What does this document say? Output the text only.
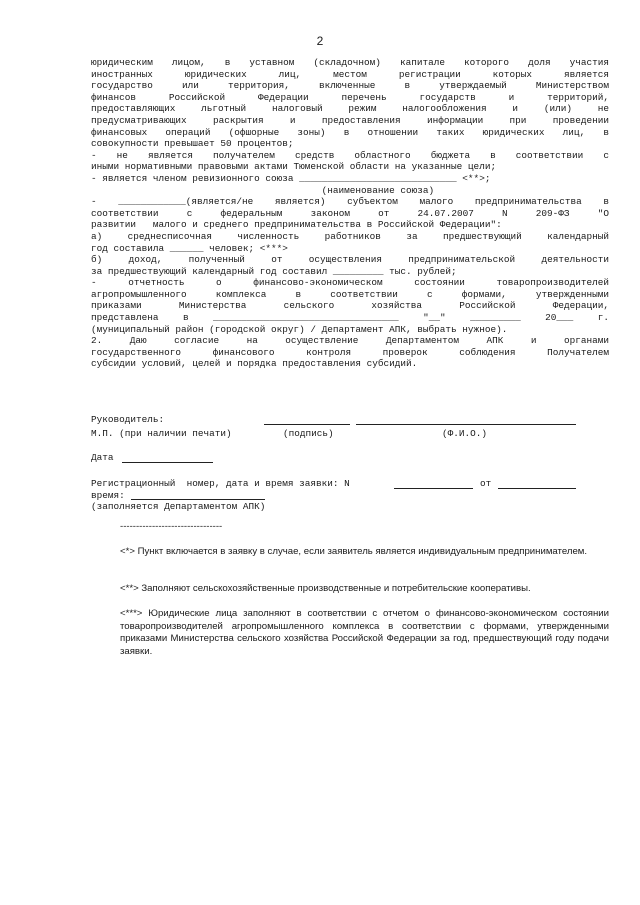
2
юридическим лицом, в уставном (складочном) капитале которого доля участия
иностранных юридических лиц, местом регистрации которых является
государство или территория, включенные в утверждаемый Министерством
финансов Российской Федерации перечень государств и территорий,
предоставляющих льготный налоговый режим налогообложения и (или) не
предусматривающих раскрытия и предоставления информации при проведении
финансовых операций (офшорные зоны) в отношении таких юридических лиц, в
совокупности превышает 50 процентов;
- не является получателем средств областного бюджета в соответствии с
иными нормативными правовыми актами Тюменской области на указанные цели;
- является членом ревизионного союза ____________________________ <**>;
(наименование союза)
- ____________(является/не является) субъектом малого предпринимательства в
соответствии с федеральным законом от 24.07.2007 N 209-ФЗ "О
развитии   малого и среднего предпринимательства в Российской Федерации":
а) среднесписочная численность работников за предшествующий календарный
год составила ______ человек; <***>
б) доход, полученный от осуществления предпринимательской деятельности
за предшествующий календарный год составил _________ тыс. рублей;
- отчетность о финансово-экономическом состоянии товаропроизводителей
агропромышленного комплекса в соответствии с формами, утвержденными
приказами Министерства сельского хозяйства Российской Федерации,
представлена в _________________________________ "__" _________ 20___ г.
(муниципальный район (городской округ) / Департамент АПК, выбрать нужное).
2. Даю согласие на осуществление Департаментом АПК и органами
государственного финансового контроля проверок соблюдения Получателем
субсидии условий, целей и порядка предоставления субсидий.
Руководитель:
М.П. (при наличии печати)	(подпись)	(Ф.И.О.)
Дата
Регистрационный  номер, дата и время заявки: N	от
время:
(заполняется Департаментом АПК)
--------------------------------

<*> Пункт включается в заявку в случае, если заявитель является индивидуальным предпринимателем.

<**> Заполняют сельскохозяйственные производственные и потребительские кооперативы.

<***> Юридические лица заполняют в соответствии с отчетом о финансово-экономическом состоянии товаропроизводителей агропромышленного комплекса в соответствии с формами, утвержденными приказами Министерства сельского хозяйства Российской Федерации за год, предшествующий году подачи заявки.
